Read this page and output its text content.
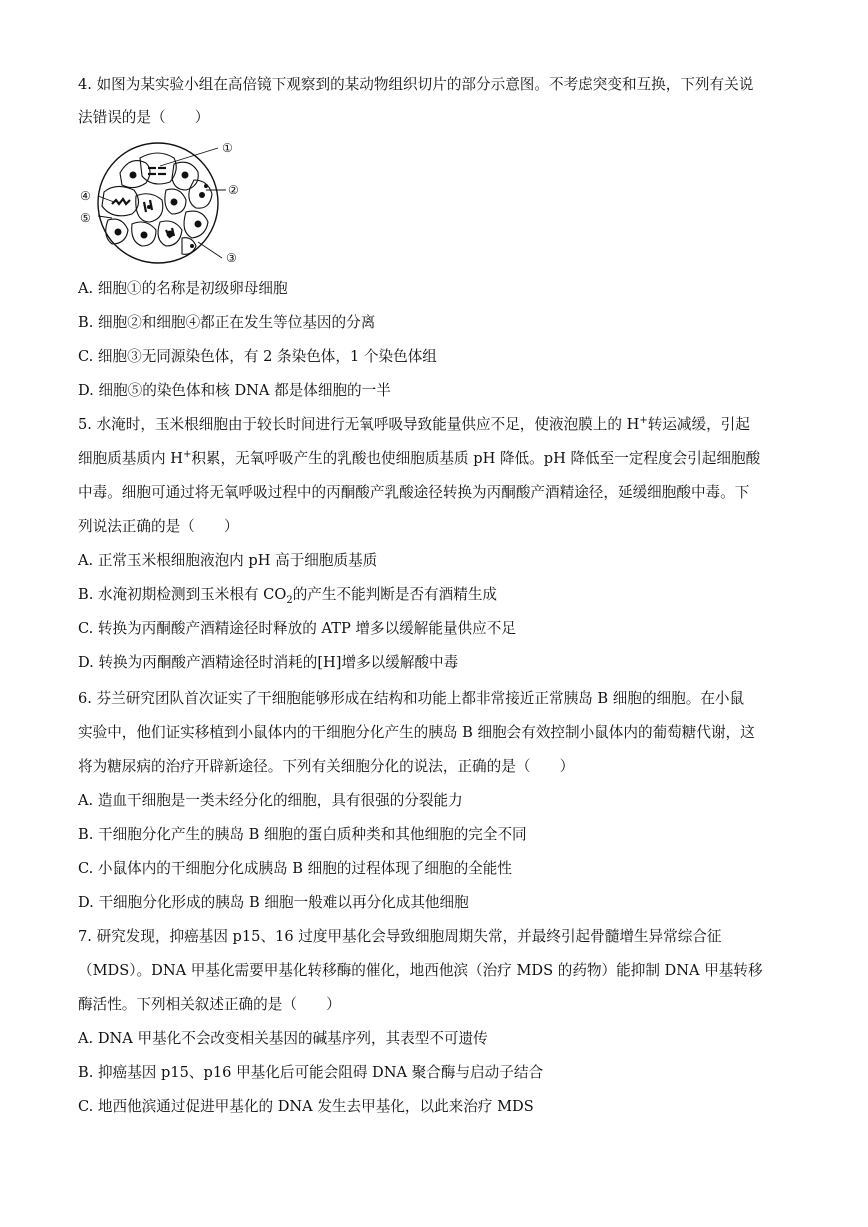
4. 如图为某实验小组在高倍镜下观察到的某动物组织切片的部分示意图。不考虑突变和互换，下列有关说
法错误的是（　　）
①
②
③
④
⑤
A. 细胞①的名称是初级卵母细胞
B. 细胞②和细胞④都正在发生等位基因的分离
C. 细胞③无同源染色体，有 2 条染色体，1 个染色体组
D. 细胞⑤的染色体和核 DNA 都是体细胞的一半
5. 水淹时，玉米根细胞由于较长时间进行无氧呼吸导致能量供应不足，使液泡膜上的 H+转运减缓，引起
细胞质基质内 H+积累，无氧呼吸产生的乳酸也使细胞质基质 pH 降低。pH 降低至一定程度会引起细胞酸
中毒。细胞可通过将无氧呼吸过程中的丙酮酸产乳酸途径转换为丙酮酸产酒精途径，延缓细胞酸中毒。下
列说法正确的是（　　）
A. 正常玉米根细胞液泡内 pH 高于细胞质基质
B. 水淹初期检测到玉米根有 $CO_2$的产生不能判断是否有酒精生成
C. 转换为丙酮酸产酒精途径时释放的 ATP 增多以缓解能量供应不足
D. 转换为丙酮酸产酒精途径时消耗的[H]增多以缓解酸中毒
6. 芬兰研究团队首次证实了干细胞能够形成在结构和功能上都非常接近正常胰岛 B 细胞的细胞。在小鼠
实验中，他们证实移植到小鼠体内的干细胞分化产生的胰岛 B 细胞会有效控制小鼠体内的葡萄糖代谢，这
将为糖尿病的治疗开辟新途径。下列有关细胞分化的说法，正确的是（　　）
A. 造血干细胞是一类未经分化的细胞，具有很强的分裂能力
B. 干细胞分化产生的胰岛 B 细胞的蛋白质种类和其他细胞的完全不同
C. 小鼠体内的干细胞分化成胰岛 B 细胞的过程体现了细胞的全能性
D. 干细胞分化形成的胰岛 B 细胞一般难以再分化成其他细胞
7. 研究发现，抑癌基因 p15、16 过度甲基化会导致细胞周期失常，并最终引起骨髓增生异常综合征
（MDS）。DNA 甲基化需要甲基化转移酶的催化，地西他滨（治疗 MDS 的药物）能抑制 DNA 甲基转移
酶活性。下列相关叙述正确的是（　　）
A. DNA 甲基化不会改变相关基因的碱基序列，其表型不可遗传
B. 抑癌基因 p15、p16 甲基化后可能会阻碍 DNA 聚合酶与启动子结合
C. 地西他滨通过促进甲基化的 DNA 发生去甲基化，以此来治疗 MDS
